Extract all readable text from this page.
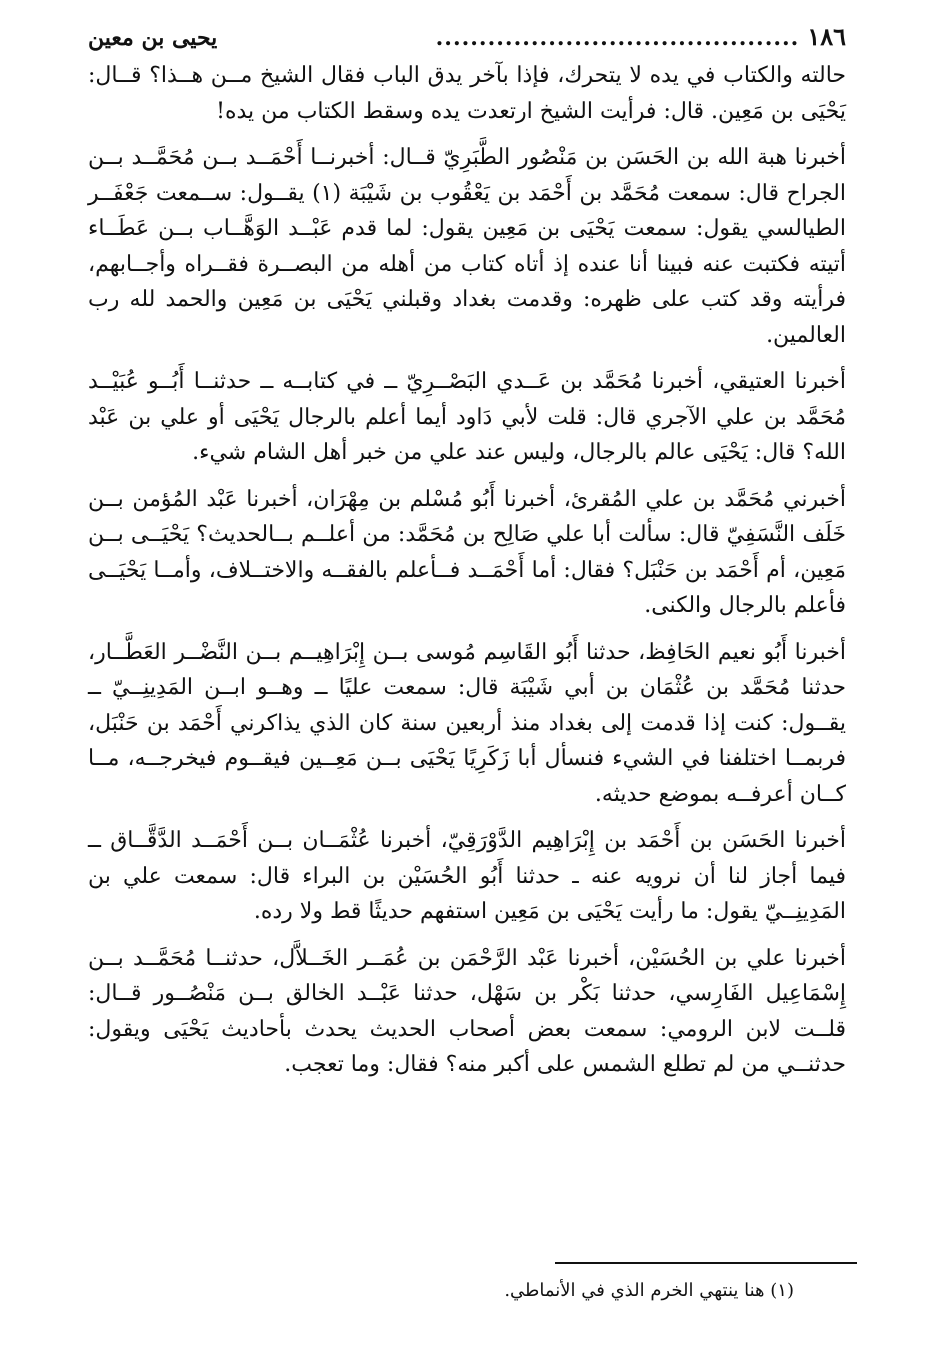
١٨٦
..........................................
يحيى بن معين

حالته والكتاب في يده لا يتحرك، فإذا بآخر يدق الباب فقال الشيخ مــن هــذا؟ قــال: يَحْيَى بن مَعِين. قال: فرأيت الشيخ ارتعدت يده وسقط الكتاب من يده!

أخبرنا هبة الله بن الحَسَن بن مَنْصُور الطَّبَرِيّ قــال: أخبرنــا أَحْمَــد بــن مُحَمَّــد بــن الجراح قال: سمعت مُحَمَّد بن أَحْمَد بن يَعْقُوب بن شَيْبَة (١) يقــول: ســمعت جَعْفَــر الطيالسي يقول: سمعت يَحْيَى بن مَعِين يقول: لما قدم عَبْــد الوَهَّــاب بــن عَطَــاء أتيته فكتبت عنه فبينا أنا عنده إذ أتاه كتاب من أهله من البصــرة فقــراه وأجــابهم، فرأيته وقد كتب على ظهره: وقدمت بغداد وقبلني يَحْيَى بن مَعِين والحمد لله رب العالمين.

أخبرنا العتيقي، أخبرنا مُحَمَّد بن عَــدي البَصْــرِيّ ــ في كتابــه ــ حدثنــا أَبُــو عُبَيْــد مُحَمَّد بن علي الآجري قال: قلت لأبي دَاود أيما أعلم بالرجال يَحْيَى أو علي بن عَبْد الله؟ قال: يَحْيَى عالم بالرجال، وليس عند علي من خبر أهل الشام شيء.

أخبرني مُحَمَّد بن علي المُقرئ، أخبرنا أَبُو مُسْلم بن مِهْرَان، أخبرنا عَبْد المُؤمن بــن خَلَف النَّسَفِيّ قال: سألت أبا علي صَالِح بن مُحَمَّد: من أعلــم بــالحديث؟ يَحْيَــى بــن مَعِين، أم أَحْمَد بن حَنْبَل؟ فقال: أما أَحْمَــد فــأعلم بالفقــه والاختــلاف، وأمــا يَحْيَــى فأعلم بالرجال والكنى.

أخبرنا أَبُو نعيم الحَافِظ، حدثنا أَبُو القَاسِم مُوسى بــن إِبْرَاهِيــم بــن النَّضْــر العَطَّــار، حدثنا مُحَمَّد بن عُثْمَان بن أبي شَيْبَة قال: سمعت عليًا ــ وهــو ابــن المَدِينِــيّ ــ يقــول: كنت إذا قدمت إلى بغداد منذ أربعين سنة كان الذي يذاكرني أَحْمَد بن حَنْبَل، فربمــا اختلفنا في الشيء فنسأل أبا زَكَرِيًا يَحْيَى بــن مَعِــين فيقــوم فيخرجــه، مــا كــان أعرفــه بموضع حديثه.

أخبرنا الحَسَن بن أَحْمَد بن إِبْرَاهِيم الدَّوْرَقِيّ، أخبرنا عُثْمَــان بــن أَحْمَــد الدَّقَّــاق ــ فيما أجاز لنا أن نرويه عنه ـ حدثنا أَبُو الحُسَيْن بن البراء قال: سمعت علي بن المَدِينِــيّ يقول: ما رأيت يَحْيَى بن مَعِين استفهم حديثًا قط ولا رده.

أخبرنا علي بن الحُسَيْن، أخبرنا عَبْد الرَّحْمَن بن عُمَــر الخَــلاَّل، حدثنــا مُحَمَّــد بــن إِسْمَاعِيل الفَارِسي، حدثنا بَكْر بن سَهْل، حدثنا عَبْــد الخالق بــن مَنْصُــور قــال: قلــت لابن الرومي: سمعت بعض أصحاب الحديث يحدث بأحاديث يَحْيَى ويقول: حدثنــي من لم تطلع الشمس على أكبر منه؟ فقال: وما تعجب.

(١) هنا ينتهي الخرم الذي في الأنماطي.
